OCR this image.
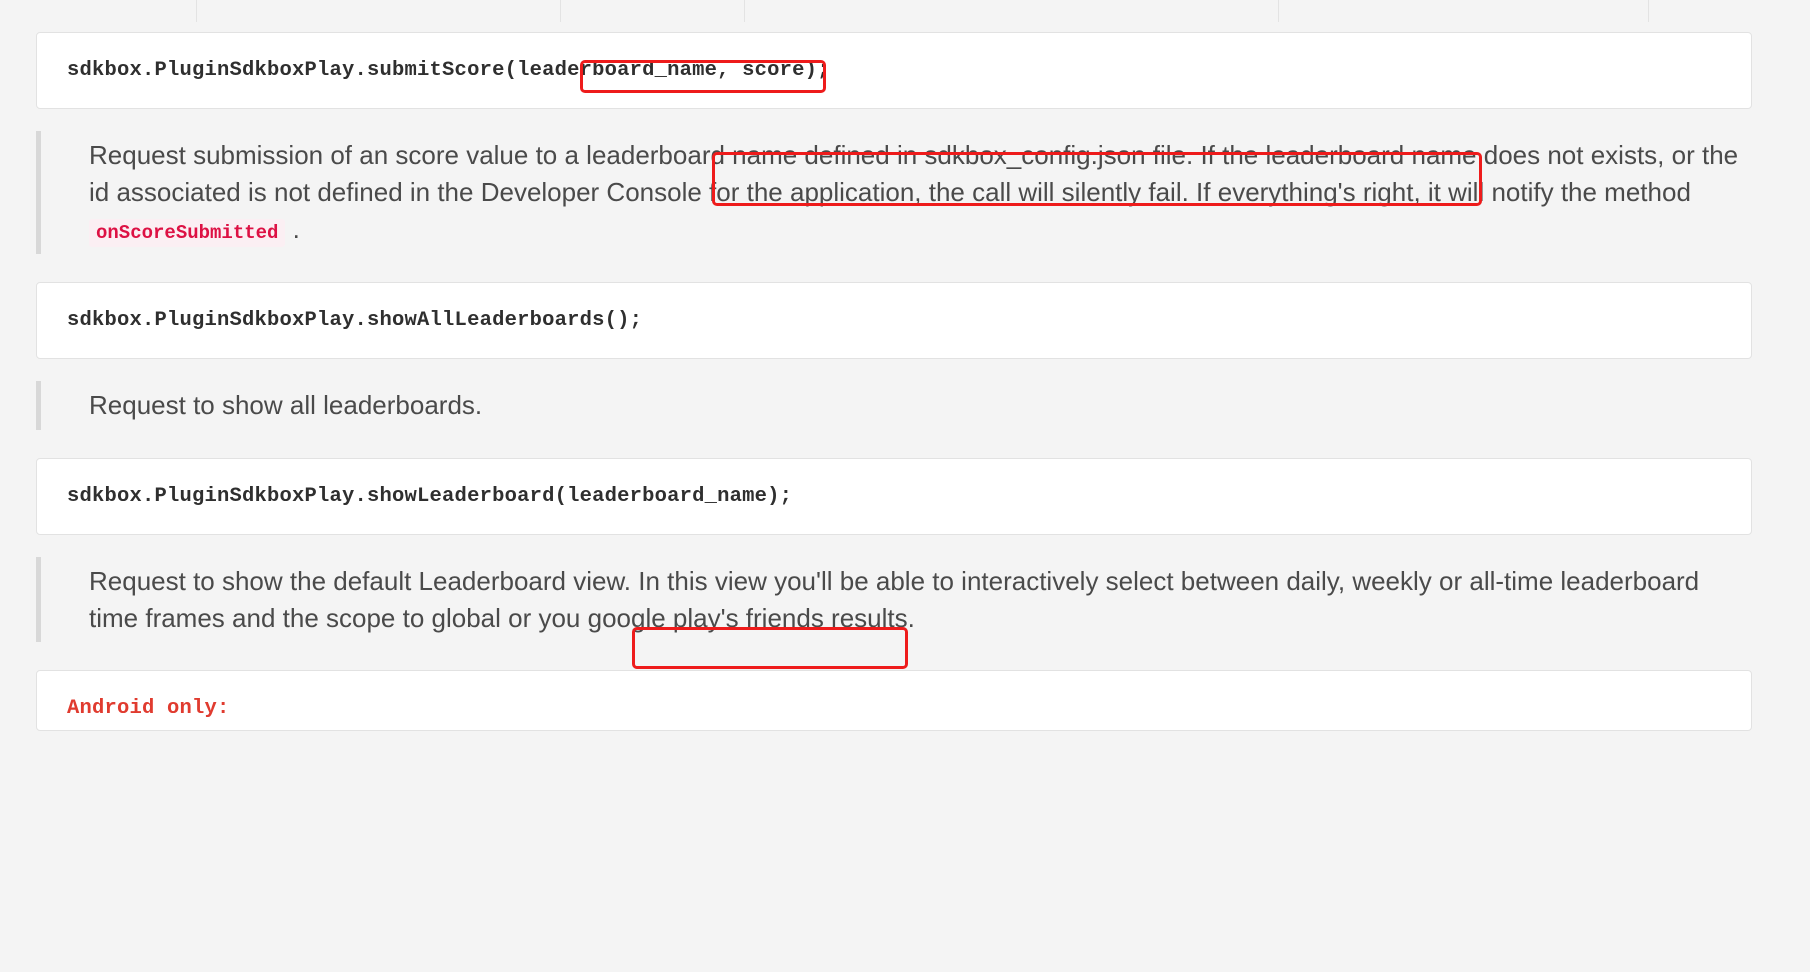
sdkbox.PluginSdkboxPlay.submitScore(leaderboard_name, score);
Request submission of an score value to a leaderboard name defined in sdkbox_config.json file. If the leaderboard name does not exists, or the id associated is not defined in the Developer Console for the application, the call will silently fail. If everything's right, it will notify the method onScoreSubmitted .
sdkbox.PluginSdkboxPlay.showAllLeaderboards();
Request to show all leaderboards.
sdkbox.PluginSdkboxPlay.showLeaderboard(leaderboard_name);
Request to show the default Leaderboard view. In this view you'll be able to interactively select between daily, weekly or all-time leaderboard time frames and the scope to global or you google play's friends results.
Android only:
